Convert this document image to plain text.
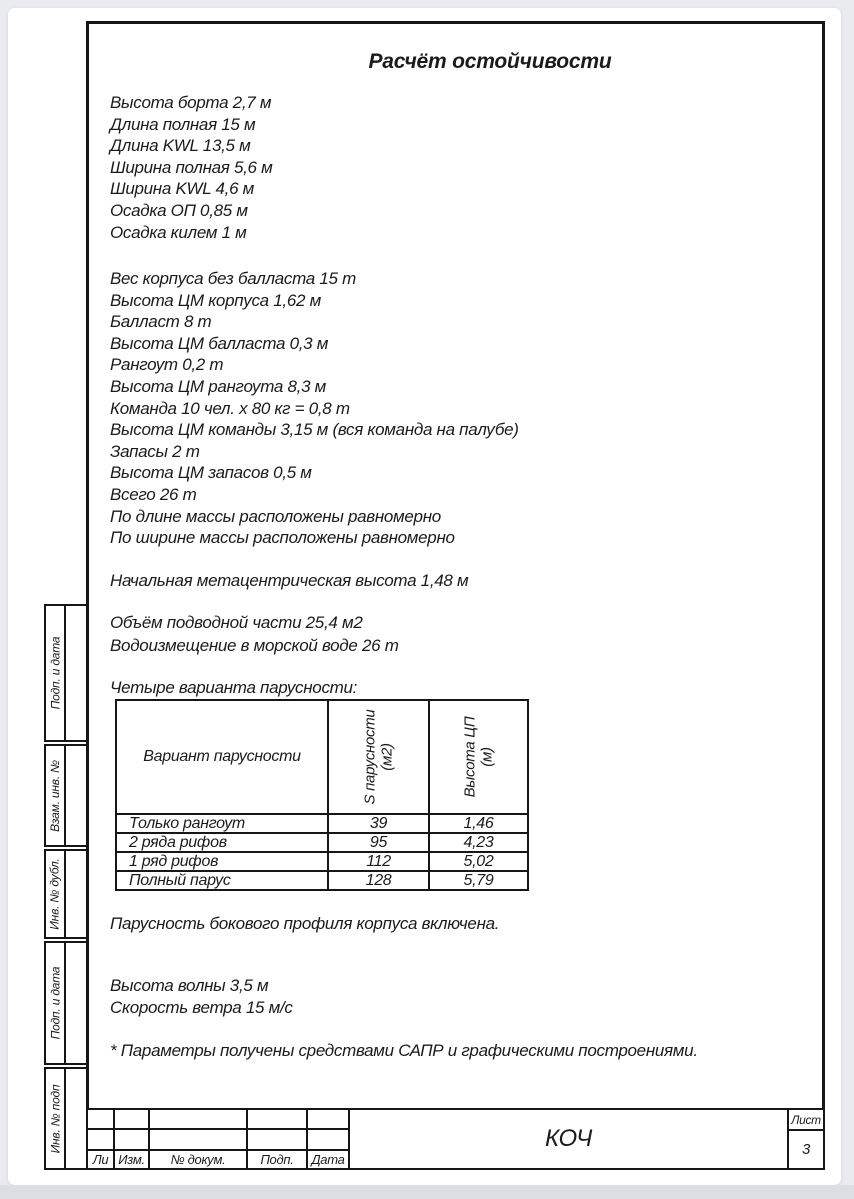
Расчёт остойчивости
Высота борта 2,7 м
Длина полная 15 м
Длина KWL 13,5 м
Ширина полная 5,6 м
Ширина KWL 4,6 м
Осадка ОП 0,85 м
Осадка килем 1 м
Вес корпуса без балласта 15 т
Высота ЦМ корпуса 1,62 м
Балласт 8 т
Высота ЦМ балласта 0,3 м
Рангоут 0,2 т
Высота ЦМ рангоута 8,3 м
Команда 10 чел. х 80 кг = 0,8 т
Высота ЦМ команды 3,15 м (вся команда на палубе)
Запасы 2 т
Высота ЦМ запасов 0,5 м
Всего 26 т
По длине массы расположены равномерно
По ширине массы расположены равномерно
Начальная метацентрическая высота 1,48 м
Объём подводной части 25,4 м2
Водоизмещение в морской воде 26 т
Четыре варианта парусности:
Вариант парусности	S парусности (м2)	Высота ЦП (м)

Только рангоут	39	1,46
2 ряда рифов	95	4,23
1 ряд рифов	112	5,02
Полный парус	128	5,79
Парусность бокового профиля корпуса включена.
Высота волны 3,5 м
Скорость ветра 15 м/с
* Параметры получены средствами САПР и графическими построениями.
Подп. и дата
Взам. инв. №
Инв. № дубл.
Подп. и дата
Инв. № подп
Ли Изм.	№ докум.	Подп.	Дата
КОЧ
Лист
3
